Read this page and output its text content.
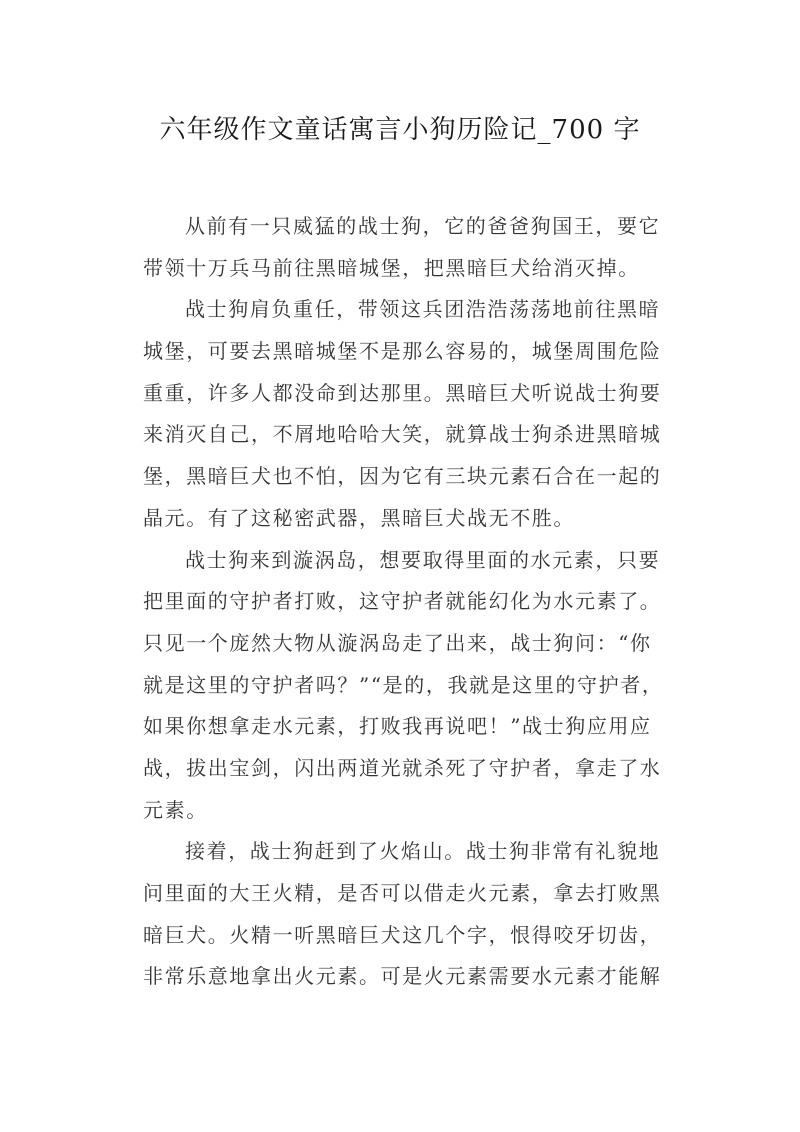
六年级作文童话寓言小狗历险记_700 字

从前有一只威猛的战士狗，它的爸爸狗国王，要它

带领十万兵马前往黑暗城堡，把黑暗巨犬给消灭掉。

战士狗肩负重任，带领这兵团浩浩荡荡地前往黑暗

城堡，可要去黑暗城堡不是那么容易的，城堡周围危险

重重，许多人都没命到达那里。黑暗巨犬听说战士狗要

来消灭自己，不屑地哈哈大笑，就算战士狗杀进黑暗城

堡，黑暗巨犬也不怕，因为它有三块元素石合在一起的

晶元。有了这秘密武器，黑暗巨犬战无不胜。

战士狗来到漩涡岛，想要取得里面的水元素，只要

把里面的守护者打败，这守护者就能幻化为水元素了。

只见一个庞然大物从漩涡岛走了出来，战士狗问：“你

就是这里的守护者吗？”“是的，我就是这里的守护者，

如果你想拿走水元素，打败我再说吧！”战士狗应用应

战，拔出宝剑，闪出两道光就杀死了守护者，拿走了水

元素。

接着，战士狗赶到了火焰山。战士狗非常有礼貌地

问里面的大王火精，是否可以借走火元素，拿去打败黑

暗巨犬。火精一听黑暗巨犬这几个字，恨得咬牙切齿，

非常乐意地拿出火元素。可是火元素需要水元素才能解
